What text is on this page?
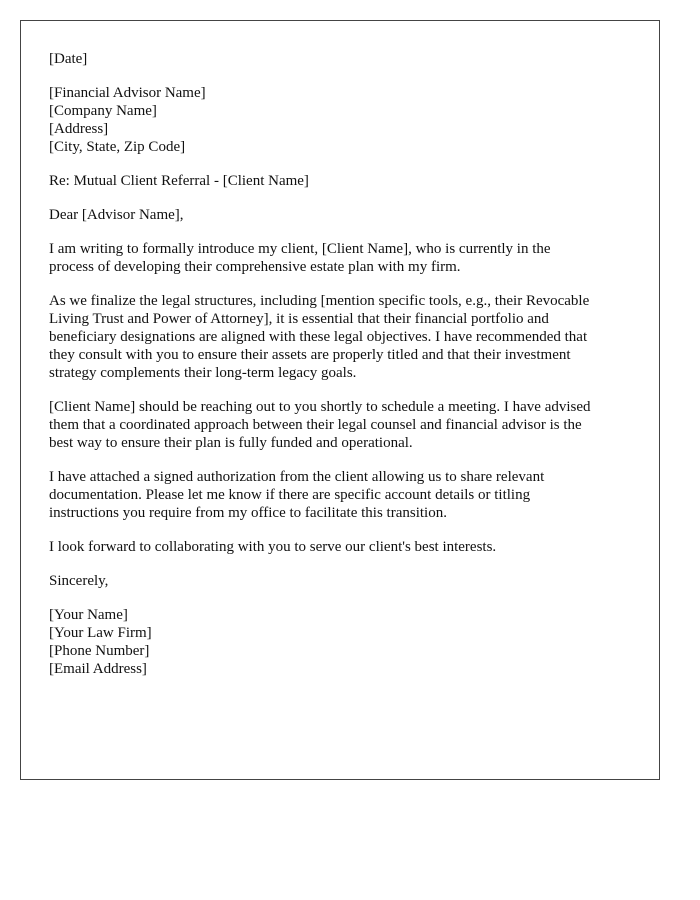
[Date]
[Financial Advisor Name]
[Company Name]
[Address]
[City, State, Zip Code]
Re: Mutual Client Referral - [Client Name]
Dear [Advisor Name],

I am writing to formally introduce my client, [Client Name], who is currently in the
process of developing their comprehensive estate plan with my firm.

As we finalize the legal structures, including [mention specific tools, e.g., their Revocable
Living Trust and Power of Attorney], it is essential that their financial portfolio and
beneficiary designations are aligned with these legal objectives. I have recommended that
they consult with you to ensure their assets are properly titled and that their investment
strategy complements their long-term legacy goals.

[Client Name] should be reaching out to you shortly to schedule a meeting. I have advised
them that a coordinated approach between their legal counsel and financial advisor is the
best way to ensure their plan is fully funded and operational.

I have attached a signed authorization from the client allowing us to share relevant
documentation. Please let me know if there are specific account details or titling
instructions you require from my office to facilitate this transition.

I look forward to collaborating with you to serve our client's best interests.

Sincerely,
[Your Name]
[Your Law Firm]
[Phone Number]
[Email Address]
